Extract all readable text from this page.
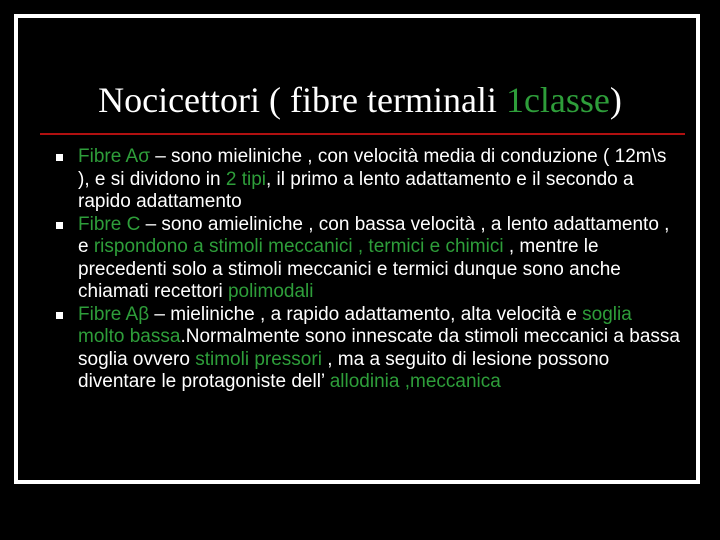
Nocicettori ( fibre terminali 1classe)
Fibre Aσ – sono mieliniche , con velocità media di conduzione ( 12m\s ), e si dividono in 2 tipi, il primo a lento adattamento e il secondo a rapido adattamento
Fibre C – sono amieliniche , con bassa velocità , a lento adattamento , e rispondono a stimoli meccanici , termici e chimici , mentre le precedenti solo a stimoli meccanici e termici dunque sono anche chiamati recettori polimodali
Fibre Aβ – mieliniche , a rapido adattamento, alta velocità e soglia molto bassa.Normalmente sono innescate da stimoli meccanici a bassa soglia ovvero stimoli pressori , ma a seguito di lesione possono diventare le protagoniste dell’ allodinia ,meccanica
